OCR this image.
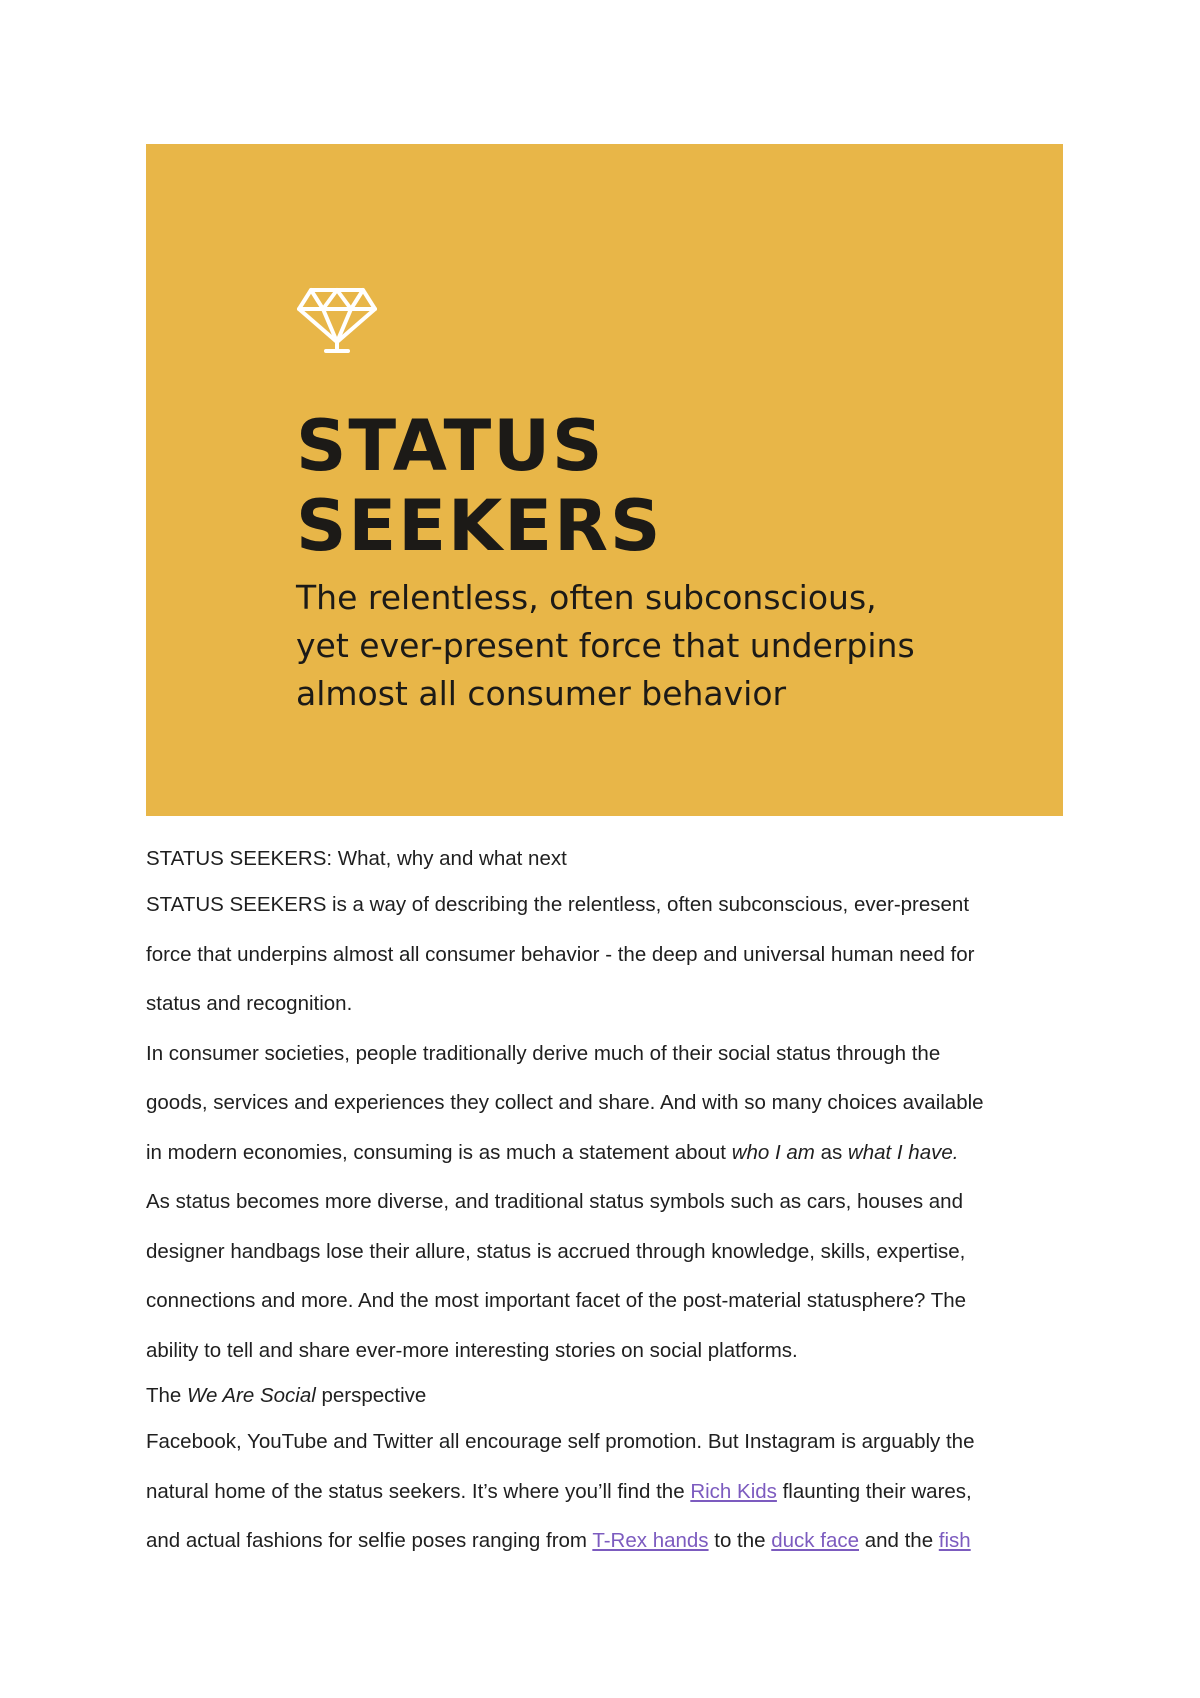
STATUS
SEEKERS

The relentless, often subconscious,
yet ever-present force that underpins
almost all consumer behavior

STATUS SEEKERS: What, why and what next

STATUS SEEKERS is a way of describing the relentless, often subconscious, ever-present

force that underpins almost all consumer behavior - the deep and universal human need for

status and recognition.

In consumer societies, people traditionally derive much of their social status through the

goods, services and experiences they collect and share. And with so many choices available

in modern economies, consuming is as much a statement about who I am as what I have.

As status becomes more diverse, and traditional status symbols such as cars, houses and

designer handbags lose their allure, status is accrued through knowledge, skills, expertise,

connections and more. And the most important facet of the post-material statusphere? The

ability to tell and share ever-more interesting stories on social platforms.

The We Are Social perspective

Facebook, YouTube and Twitter all encourage self promotion. But Instagram is arguably the

natural home of the status seekers. It’s where you’ll find the Rich Kids flaunting their wares,

and actual fashions for selfie poses ranging from T-Rex hands to the duck face and the fish
